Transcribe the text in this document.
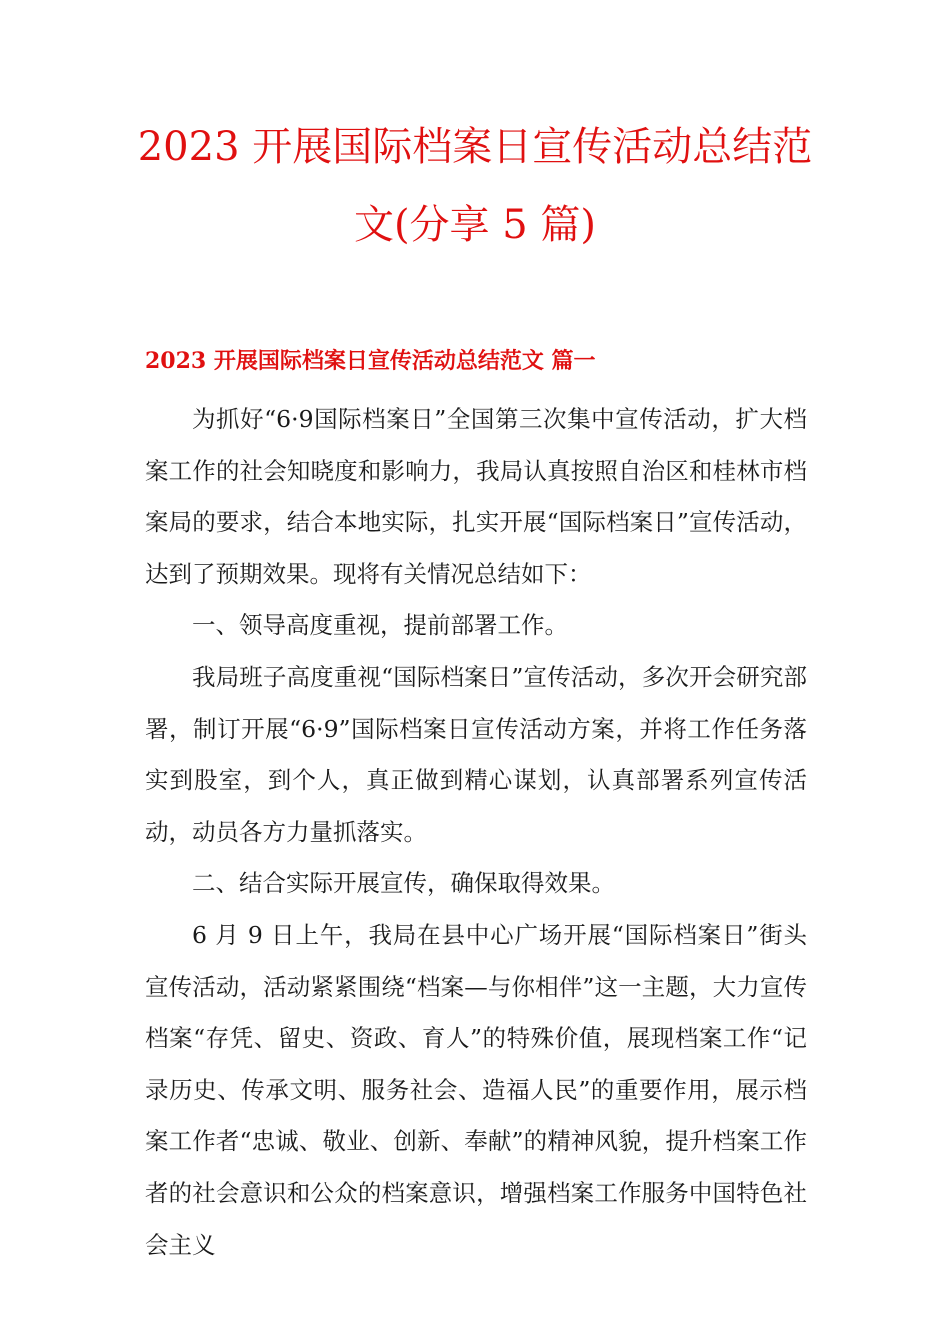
2023 开展国际档案日宣传活动总结范
文(分享 5 篇)
2023 开展国际档案日宣传活动总结范文 篇一

为抓好“6·9国际档案日”全国第三次集中宣传活动，扩大档案工作的社会知晓度和影响力，我局认真按照自治区和桂林市档案局的要求，结合本地实际，扎实开展“国际档案日”宣传活动，达到了预期效果。现将有关情况总结如下：

一、领导高度重视，提前部署工作。

我局班子高度重视“国际档案日”宣传活动，多次开会研究部署，制订开展“6·9”国际档案日宣传活动方案，并将工作任务落实到股室，到个人，真正做到精心谋划，认真部署系列宣传活动，动员各方力量抓落实。

二、结合实际开展宣传，确保取得效果。

6 月 9 日上午，我局在县中心广场开展“国际档案日”街头宣传活动，活动紧紧围绕“档案—与你相伴”这一主题，大力宣传档案“存凭、留史、资政、育人”的特殊价值，展现档案工作“记录历史、传承文明、服务社会、造福人民”的重要作用，展示档案工作者“忠诚、敬业、创新、奉献”的精神风貌，提升档案工作者的社会意识和公众的档案意识，增强档案工作服务中国特色社会主义
